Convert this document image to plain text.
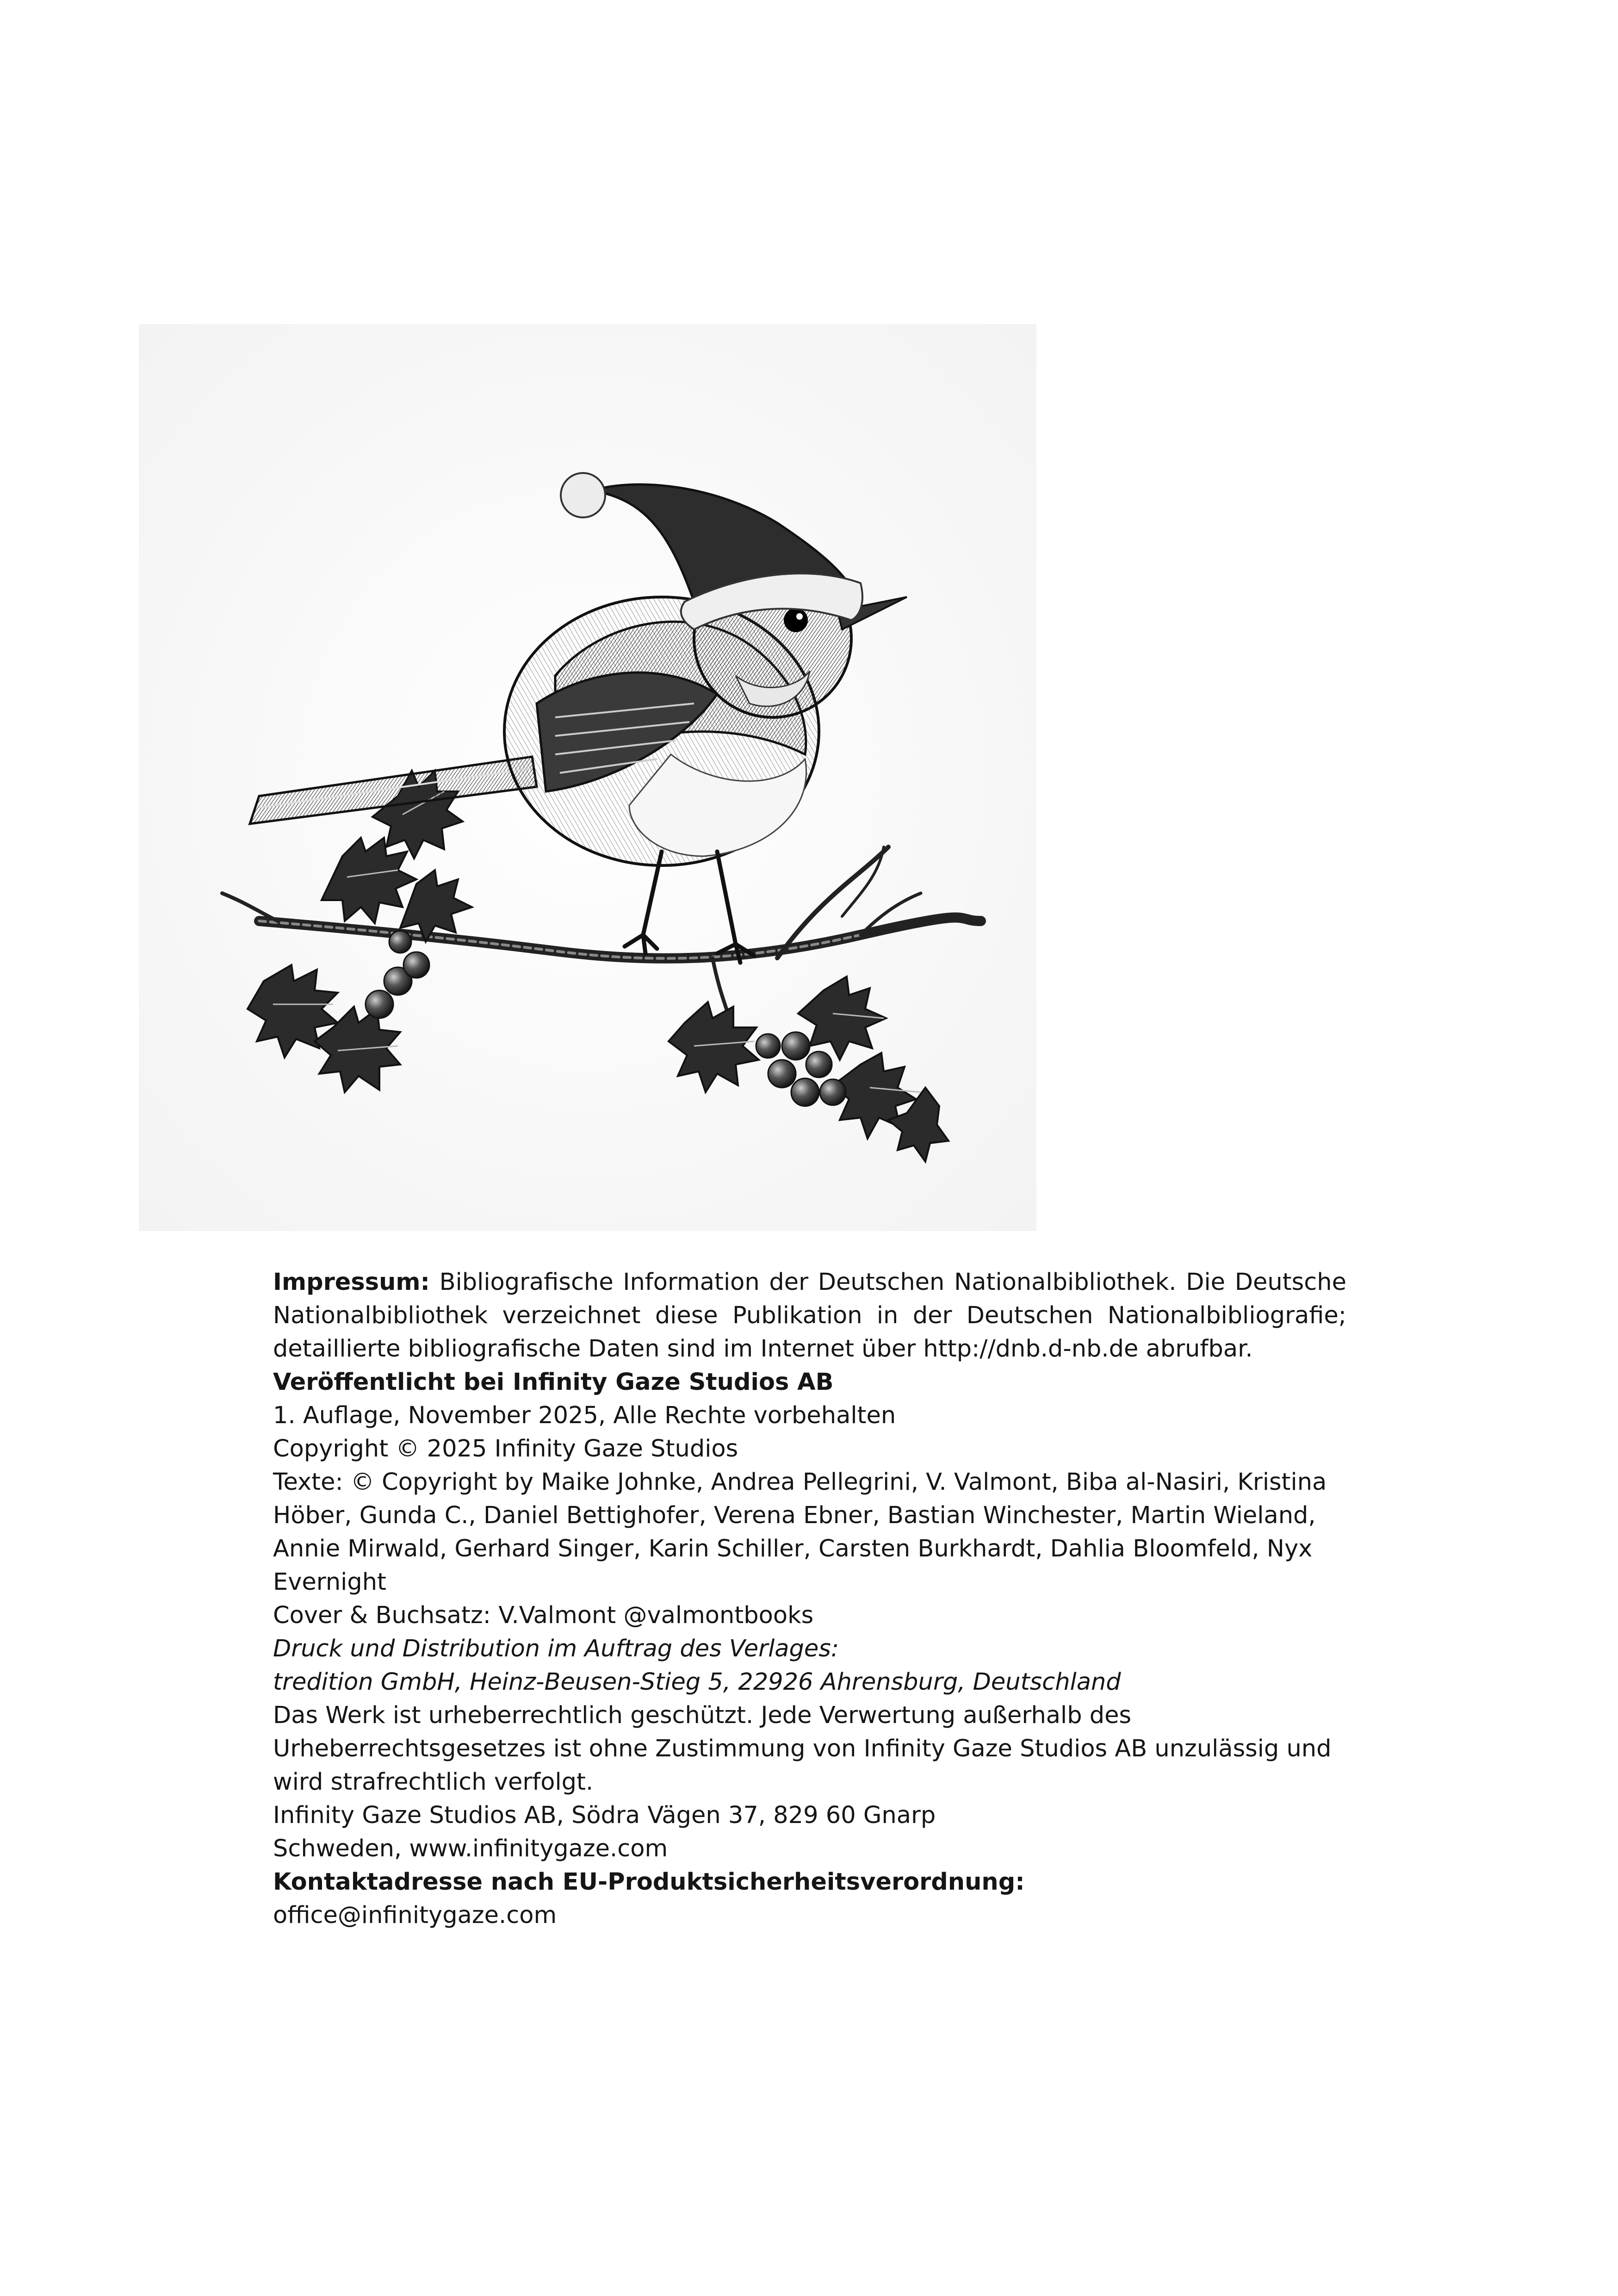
Impressum: Bibliografische Information der Deutschen Nationalbibliothek. Die Deutsche Nationalbibliothek verzeichnet diese Publikation in der Deutschen Nationalbibliografie; detaillierte bibliografische Daten sind im Internet über http://dnb.d-nb.de abrufbar.

Veröffentlicht bei Infinity Gaze Studios AB

1. Auflage, November 2025, Alle Rechte vorbehalten

Copyright © 2025 Infinity Gaze Studios

Texte: © Copyright by Maike Johnke, Andrea Pellegrini, V. Valmont, Biba al-Nasiri, Kristina Höber, Gunda C., Daniel Bettighofer, Verena Ebner, Bastian Winchester, Martin Wieland, Annie Mirwald, Gerhard Singer, Karin Schiller, Carsten Burkhardt, Dahlia Bloomfeld, Nyx Evernight

Cover & Buchsatz: V.Valmont @valmontbooks

Druck und Distribution im Auftrag des Verlages:

tredition GmbH, Heinz-Beusen-Stieg 5, 22926 Ahrensburg, Deutschland

Das Werk ist urheberrechtlich geschützt. Jede Verwertung außerhalb des Urheberrechtsgesetzes ist ohne Zustimmung von Infinity Gaze Studios AB unzulässig und wird strafrechtlich verfolgt.

Infinity Gaze Studios AB, Södra Vägen 37, 829 60 Gnarp

Schweden, www.infinitygaze.com

Kontaktadresse nach EU-Produktsicherheitsverordnung:

office@infinitygaze.com
